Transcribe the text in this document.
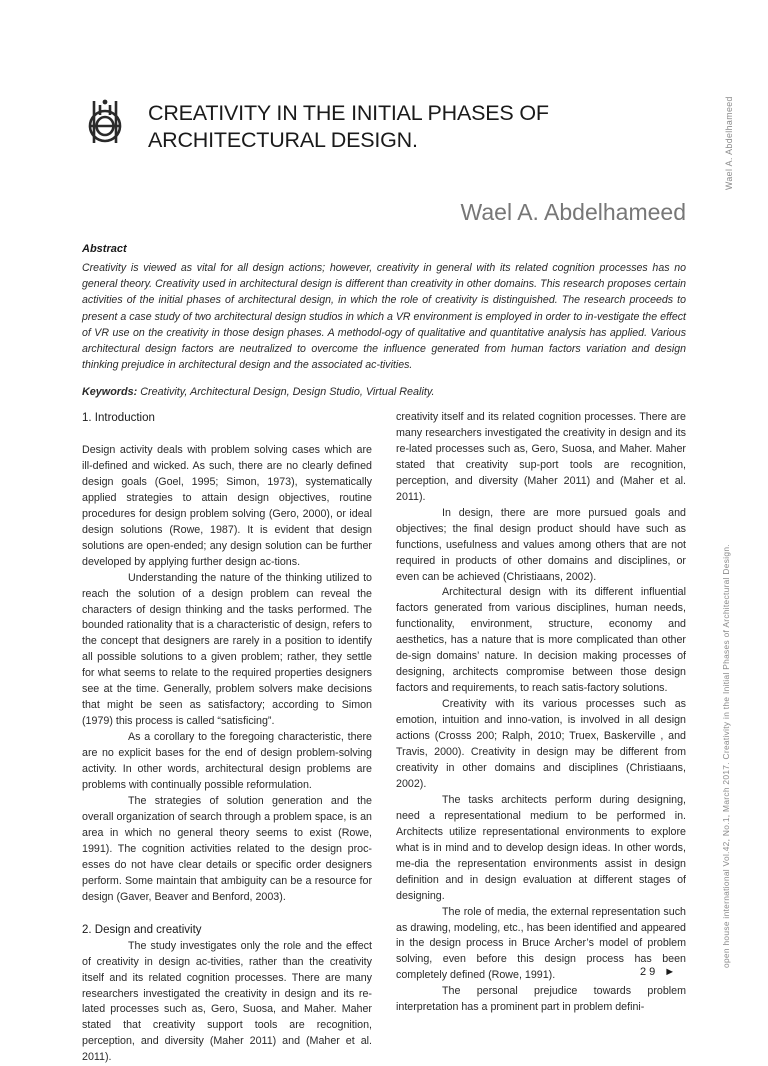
CREATIVITY IN THE INITIAL PHASES OF
ARCHITECTURAL DESIGN.
Wael A. Abdelhameed
Wael A. Abdelhameed
Abstract

Creativity is viewed as vital for all design actions; however, creativity in general with its related cognition processes has no general theory. Creativity used in architectural design is different than creativity in other domains. This research proposes certain activities of the initial phases of architectural design, in which the role of creativity is distinguished. The research proceeds to present a case study of two architectural design studios in which a VR environment is employed in order to in-vestigate the effect of VR use on the creativity in those design phases. A methodol-ogy of qualitative and quantitative analysis has applied. Various architectural design factors are neutralized to overcome the influence generated from human factors variation and design thinking prejudice in architectural design and the associated ac-tivities.

Keywords: Creativity, Architectural Design, Design Studio, Virtual Reality.
1. Introduction

Design activity deals with problem solving cases which are ill-defined and wicked. As such, there are no clearly defined design goals (Goel, 1995; Simon, 1973), systematically applied strategies to attain design objectives, routine procedures for design problem solving (Gero, 2000), or ideal design solutions (Rowe, 1987). It is evident that design solutions are open-ended; any design solution can be further developed by applying further design ac-tions.

Understanding the nature of the thinking utilized to reach the solution of a design problem can reveal the characters of design thinking and the tasks performed. The bounded rationality that is a characteristic of design, refers to the concept that designers are rarely in a position to identify all possible solutions to a given problem; rather, they settle for what seems to relate to the required properties designers see at the time. Generally, problem solvers make decisions that might be seen as satisfactory; according to Simon (1979) this process is called “satisficing”.

As a corollary to the foregoing characteristic, there are no explicit bases for the end of design problem-solving activity. In other words, architectural design problems are problems with continually possible reformulation.

The strategies of solution generation and the overall organization of search through a problem space, is an area in which no general theory seems to exist (Rowe, 1991). The cognition activities related to the design proc-esses do not have clear details or specific order designers perform. Some maintain that ambiguity can be a resource for design (Gaver, Beaver and Benford, 2003).

2. Design and creativity

The study investigates only the role and the effect of creativity in design ac-tivities, rather than the creativity itself and its related cognition processes. There are many researchers investigated the creativity in design and its re-lated processes such as, Gero, Suosa, and Maher. Maher stated that creativity support tools are recognition, perception, and diversity (Maher 2011) and (Maher et al. 2011).

creativity itself and its related cognition processes. There are many researchers investigated the creativity in design and its re-lated processes such as, Gero, Suosa, and Maher. Maher stated that creativity sup-port tools are recognition, perception, and diversity (Maher 2011) and (Maher et al. 2011).

In design, there are more pursued goals and objectives; the final design product should have such as functions, usefulness and values among others that are not required in products of other domains and disciplines, or even can be achieved (Christiaans, 2002).

Architectural design with its different influential factors generated from various disciplines, human needs, functionality, environment, structure, economy and aesthetics, has a nature that is more complicated than other de-sign domains’ nature. In decision making processes of designing, architects compromise between those design factors and requirements, to reach satis-factory solutions.

Creativity with its various processes such as emotion, intuition and inno-vation, is involved in all design actions (Crosss 200; Ralph, 2010; Truex, Baskerville , and Travis, 2000). Creativity in design may be different from creativity in other domains and disciplines (Christiaans, 2002).

The tasks architects perform during designing, need a representational medium to be performed in. Architects utilize representational environments to explore what is in mind and to develop design ideas. In other words, me-dia the representation environments assist in design definition and in design evaluation at different stages of designing.

The role of media, the external representation such as drawing, modeling, etc., has been identified and appeared in the design process in Bruce Archer’s model of problem solving, even before this design process has been completely defined (Rowe, 1991).

The personal prejudice towards problem interpretation has a prominent part in problem defini-

open house international Vol.42, No.1, March 2017. Creativity in the Initial Phases of Architectural Design.
29 ►
